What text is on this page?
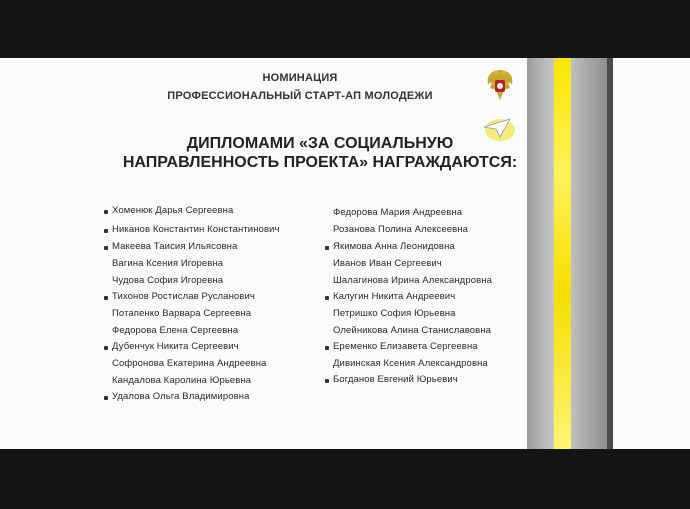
НОМИНАЦИЯ
ПРОФЕССИОНАЛЬНЫЙ СТАРТ-АП МОЛОДЕЖИ
ДИПЛОМАМИ «ЗА СОЦИАЛЬНУЮ
НАПРАВЛЕННОСТЬ ПРОЕКТА» НАГРАЖДАЮТСЯ:
Хоменюк Дарья Сергеевна
Никанов Константин Константинович
Макеева Таисия Ильясовна
Вагина Ксения Игоревна
Чудова София Игоревна
Тихонов Ростислав Русланович
Потапенко Варвара Сергеевна
Федорова Елена Сергеевна
Дубенчук Никита Сергеевич
Софронова Екатерина Андреевна
Кандалова Каролина Юрьевна
Удалова Ольга Владимировна
Федорова Мария Андреевна
Розанова Полина Алексеевна
Якимова Анна Леонидовна
Иванов Иван Сергеевич
Шалагинова Ирина Александровна
Калугин Никита Андреевич
Петришко София Юрьевна
Олейникова Алина Станиславовна
Еременко Елизавета Сергеевна
Дивинская Ксения Александровна
Богданов Евгений Юрьевич
